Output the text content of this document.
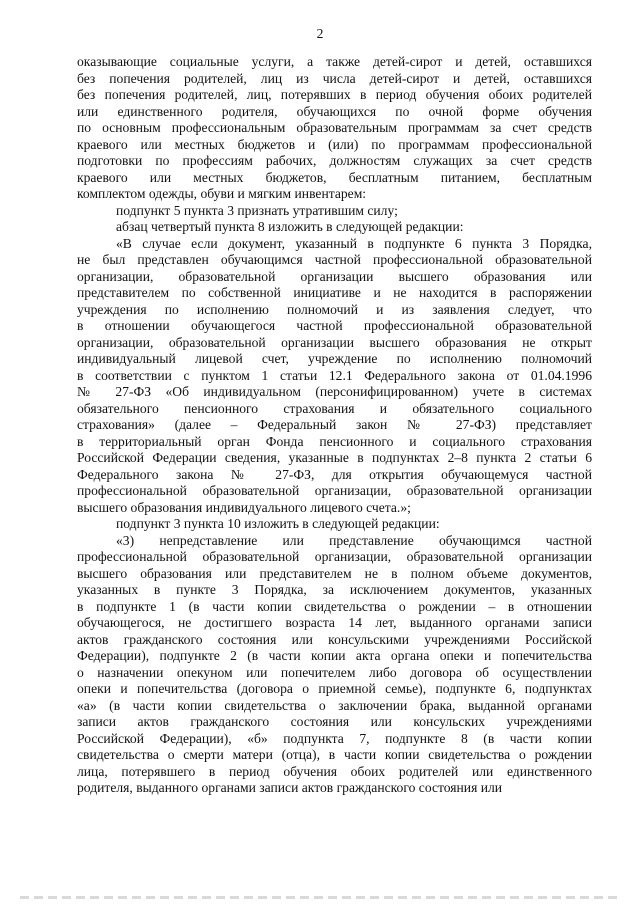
2
оказывающие социальные услуги, а также детей-сирот и детей, оставшихся
без попечения родителей, лиц из числа детей-сирот и детей, оставшихся
без попечения родителей, лиц, потерявших в период обучения обоих родителей
или единственного родителя, обучающихся по очной форме обучения
по основным профессиональным образовательным программам за счет средств
краевого или местных бюджетов и (или) по программам профессиональной
подготовки по профессиям рабочих, должностям служащих за счет средств
краевого или местных бюджетов, бесплатным питанием, бесплатным
комплектом одежды, обуви и мягким инвентарем:
подпункт 5 пункта 3 признать утратившим силу;
абзац четвертый пункта 8 изложить в следующей редакции:
«В случае если документ, указанный в подпункте 6 пункта 3 Порядка,
не был представлен обучающимся частной профессиональной образовательной
организации, образовательной организации высшего образования или
представителем по собственной инициативе и не находится в распоряжении
учреждения по исполнению полномочий и из заявления следует, что
в отношении обучающегося частной профессиональной образовательной
организации, образовательной организации высшего образования не открыт
индивидуальный лицевой счет, учреждение по исполнению полномочий
в соответствии с пунктом 1 статьи 12.1 Федерального закона от 01.04.1996
№ 27-ФЗ «Об индивидуальном (персонифицированном) учете в системах
обязательного пенсионного страхования и обязательного социального
страхования» (далее – Федеральный закон № 27-ФЗ) представляет
в территориальный орган Фонда пенсионного и социального страхования
Российской Федерации сведения, указанные в подпунктах 2–8 пункта 2 статьи 6
Федерального закона № 27-ФЗ, для открытия обучающемуся частной
профессиональной образовательной организации, образовательной организации
высшего образования индивидуального лицевого счета.»;
подпункт 3 пункта 10 изложить в следующей редакции:
«3) непредставление или представление обучающимся частной
профессиональной образовательной организации, образовательной организации
высшего образования или представителем не в полном объеме документов,
указанных в пункте 3 Порядка, за исключением документов, указанных
в подпункте 1 (в части копии свидетельства о рождении – в отношении
обучающегося, не достигшего возраста 14 лет, выданного органами записи
актов гражданского состояния или консульскими учреждениями Российской
Федерации), подпункте 2 (в части копии акта органа опеки и попечительства
о назначении опекуном или попечителем либо договора об осуществлении
опеки и попечительства (договора о приемной семье), подпункте 6, подпунктах
«а» (в части копии свидетельства о заключении брака, выданной органами
записи актов гражданского состояния или консульских учреждениями
Российской Федерации), «б» подпункта 7, подпункте 8 (в части копии
свидетельства о смерти матери (отца), в части копии свидетельства о рождении
лица, потерявшего в период обучения обоих родителей или единственного
родителя, выданного органами записи актов гражданского состояния или
